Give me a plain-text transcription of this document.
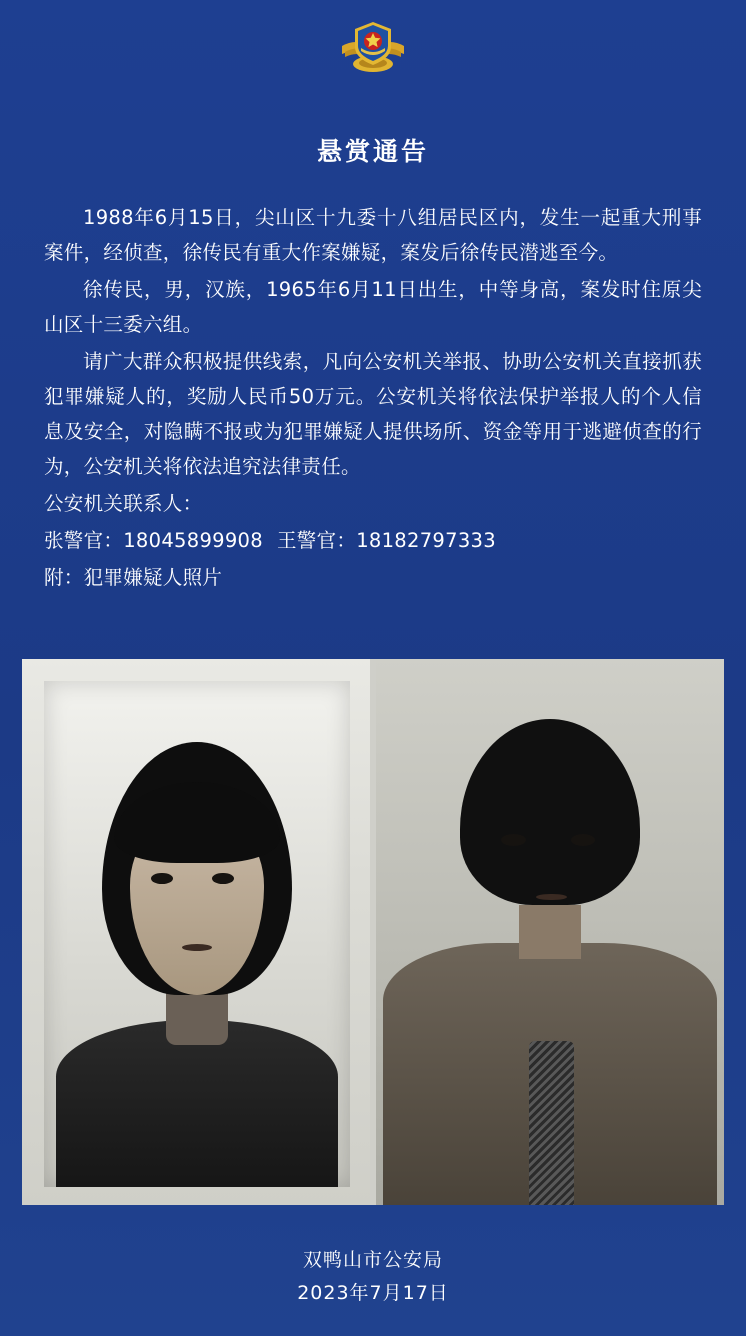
悬赏通告

1988年6月15日，尖山区十九委十八组居民区内，发生一起重大刑事案件，经侦查，徐传民有重大作案嫌疑，案发后徐传民潜逃至今。

徐传民，男，汉族，1965年6月11日出生，中等身高，案发时住原尖山区十三委六组。

请广大群众积极提供线索，凡向公安机关举报、协助公安机关直接抓获犯罪嫌疑人的，奖励人民币50万元。公安机关将依法保护举报人的个人信息及安全，对隐瞒不报或为犯罪嫌疑人提供场所、资金等用于逃避侦查的行为，公安机关将依法追究法律责任。

公安机关联系人：

张警官：18045899908 王警官：18182797333

附：犯罪嫌疑人照片

双鸭山市公安局
2023年7月17日
